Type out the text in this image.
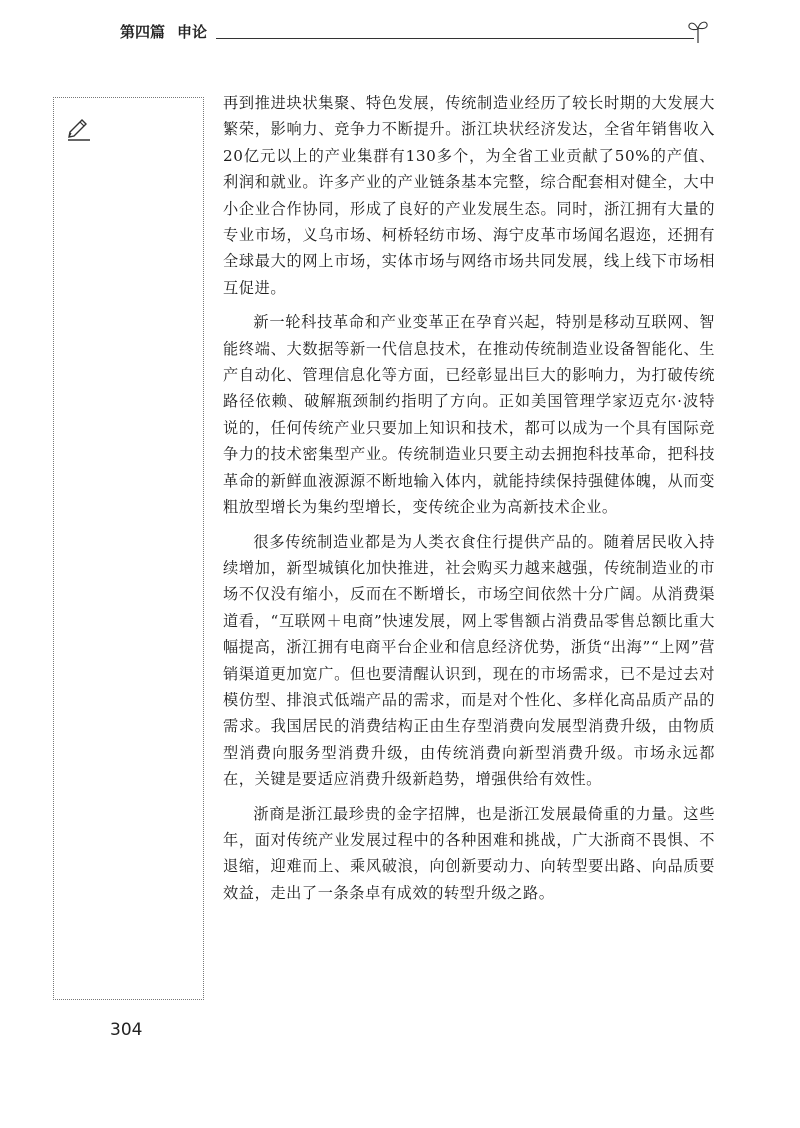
第四篇 申论

再到推进块状集聚、特色发展，传统制造业经历了较长时期的大发展大繁荣，影响力、竞争力不断提升。浙江块状经济发达，全省年销售收入20亿元以上的产业集群有130多个，为全省工业贡献了50%的产值、利润和就业。许多产业的产业链条基本完整，综合配套相对健全，大中小企业合作协同，形成了良好的产业发展生态。同时，浙江拥有大量的专业市场，义乌市场、柯桥轻纺市场、海宁皮革市场闻名遐迩，还拥有全球最大的网上市场，实体市场与网络市场共同发展，线上线下市场相互促进。

新一轮科技革命和产业变革正在孕育兴起，特别是移动互联网、智能终端、大数据等新一代信息技术，在推动传统制造业设备智能化、生产自动化、管理信息化等方面，已经彰显出巨大的影响力，为打破传统路径依赖、破解瓶颈制约指明了方向。正如美国管理学家迈克尔·波特说的，任何传统产业只要加上知识和技术，都可以成为一个具有国际竞争力的技术密集型产业。传统制造业只要主动去拥抱科技革命，把科技革命的新鲜血液源源不断地输入体内，就能持续保持强健体魄，从而变粗放型增长为集约型增长，变传统企业为高新技术企业。

很多传统制造业都是为人类衣食住行提供产品的。随着居民收入持续增加，新型城镇化加快推进，社会购买力越来越强，传统制造业的市场不仅没有缩小，反而在不断增长，市场空间依然十分广阔。从消费渠道看，“互联网＋电商”快速发展，网上零售额占消费品零售总额比重大幅提高，浙江拥有电商平台企业和信息经济优势，浙货“出海”“上网”营销渠道更加宽广。但也要清醒认识到，现在的市场需求，已不是过去对模仿型、排浪式低端产品的需求，而是对个性化、多样化高品质产品的需求。我国居民的消费结构正由生存型消费向发展型消费升级，由物质型消费向服务型消费升级，由传统消费向新型消费升级。市场永远都在，关键是要适应消费升级新趋势，增强供给有效性。

浙商是浙江最珍贵的金字招牌，也是浙江发展最倚重的力量。这些年，面对传统产业发展过程中的各种困难和挑战，广大浙商不畏惧、不退缩，迎难而上、乘风破浪，向创新要动力、向转型要出路、向品质要效益，走出了一条条卓有成效的转型升级之路。

304
